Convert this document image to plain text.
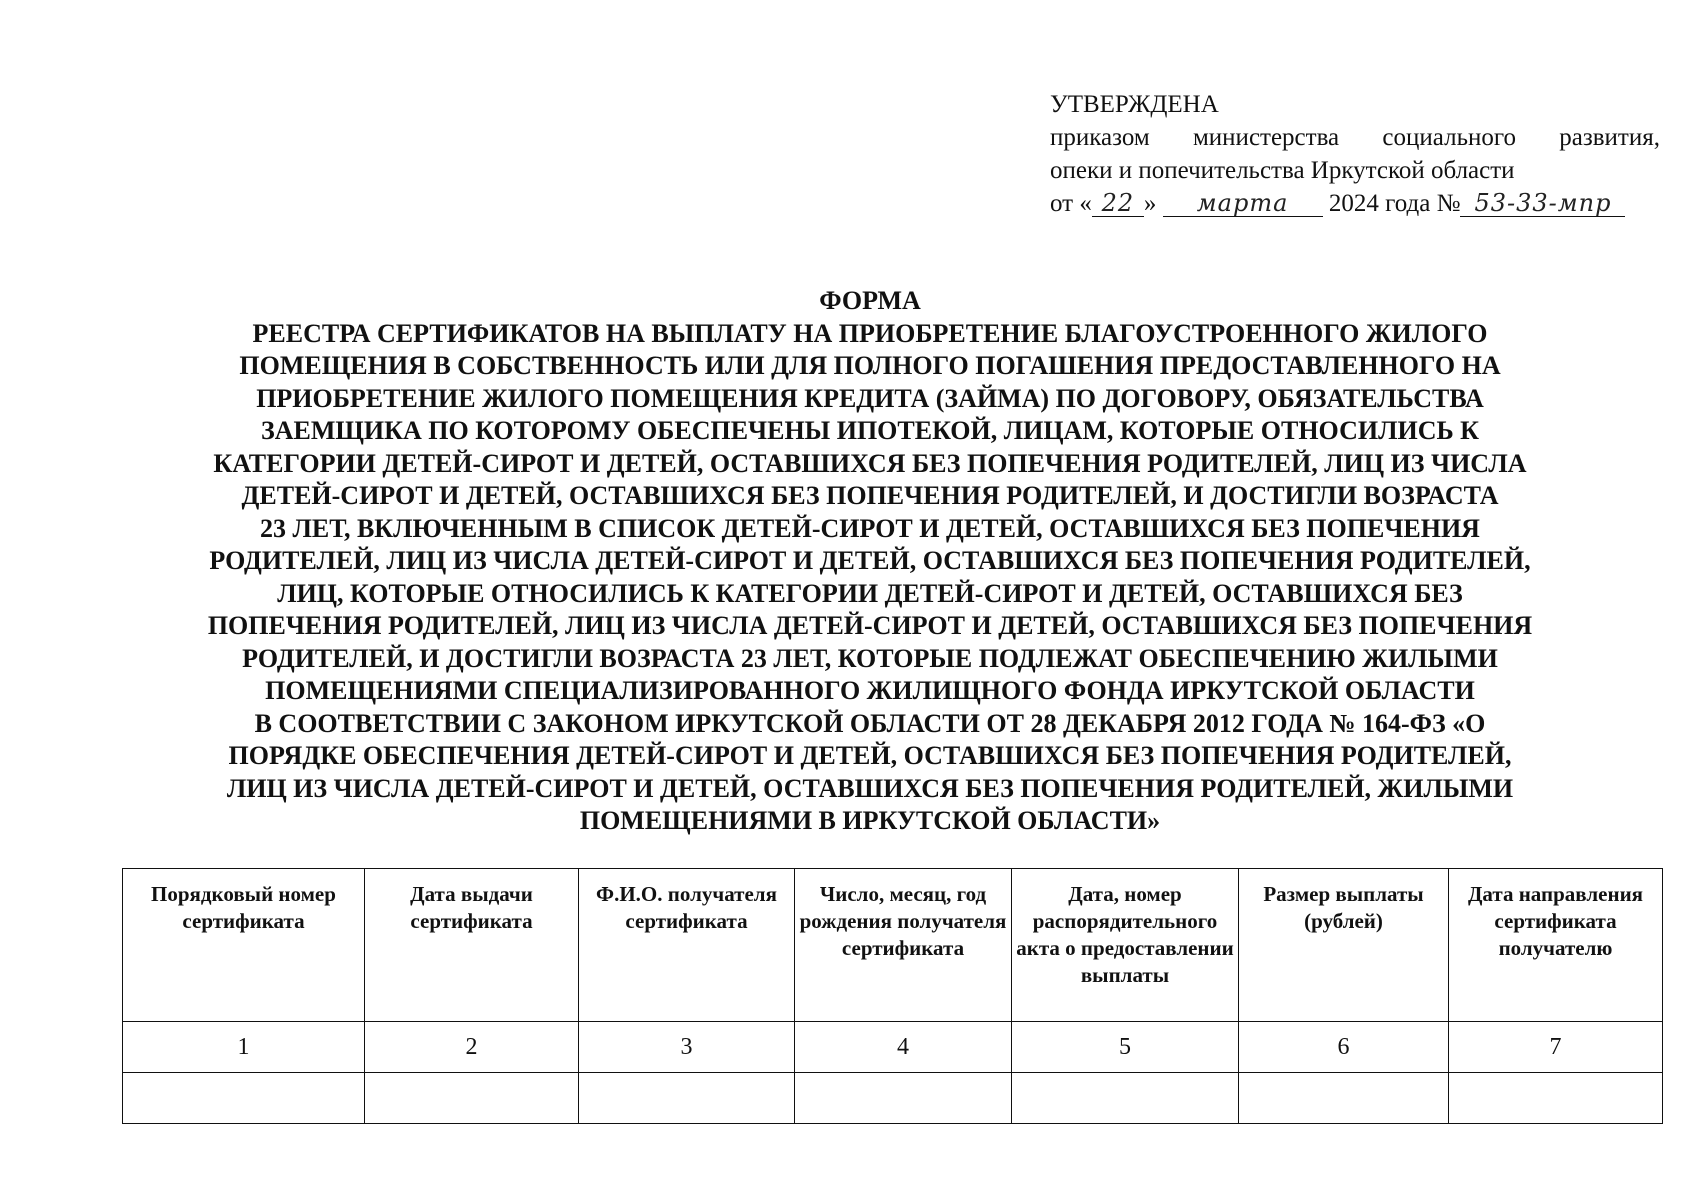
УТВЕРЖДЕНА
приказом министерства социального развития,
опеки и попечительства Иркутской области
от « 22 » марта 2024 года № 53-33-мпр
ФОРМА
РЕЕСТРА СЕРТИФИКАТОВ НА ВЫПЛАТУ НА ПРИОБРЕТЕНИЕ БЛАГОУСТРОЕННОГО ЖИЛОГО
ПОМЕЩЕНИЯ В СОБСТВЕННОСТЬ ИЛИ ДЛЯ ПОЛНОГО ПОГАШЕНИЯ ПРЕДОСТАВЛЕННОГО НА
ПРИОБРЕТЕНИЕ ЖИЛОГО ПОМЕЩЕНИЯ КРЕДИТА (ЗАЙМА) ПО ДОГОВОРУ, ОБЯЗАТЕЛЬСТВА
ЗАЕМЩИКА ПО КОТОРОМУ ОБЕСПЕЧЕНЫ ИПОТЕКОЙ, ЛИЦАМ, КОТОРЫЕ ОТНОСИЛИСЬ К
КАТЕГОРИИ ДЕТЕЙ-СИРОТ И ДЕТЕЙ, ОСТАВШИХСЯ БЕЗ ПОПЕЧЕНИЯ РОДИТЕЛЕЙ, ЛИЦ ИЗ ЧИСЛА
ДЕТЕЙ-СИРОТ И ДЕТЕЙ, ОСТАВШИХСЯ БЕЗ ПОПЕЧЕНИЯ РОДИТЕЛЕЙ, И ДОСТИГЛИ ВОЗРАСТА
23 ЛЕТ, ВКЛЮЧЕННЫМ В СПИСОК ДЕТЕЙ-СИРОТ И ДЕТЕЙ, ОСТАВШИХСЯ БЕЗ ПОПЕЧЕНИЯ
РОДИТЕЛЕЙ, ЛИЦ ИЗ ЧИСЛА ДЕТЕЙ-СИРОТ И ДЕТЕЙ, ОСТАВШИХСЯ БЕЗ ПОПЕЧЕНИЯ РОДИТЕЛЕЙ,
ЛИЦ, КОТОРЫЕ ОТНОСИЛИСЬ К КАТЕГОРИИ ДЕТЕЙ-СИРОТ И ДЕТЕЙ, ОСТАВШИХСЯ БЕЗ
ПОПЕЧЕНИЯ РОДИТЕЛЕЙ, ЛИЦ ИЗ ЧИСЛА ДЕТЕЙ-СИРОТ И ДЕТЕЙ, ОСТАВШИХСЯ БЕЗ ПОПЕЧЕНИЯ
РОДИТЕЛЕЙ, И ДОСТИГЛИ ВОЗРАСТА 23 ЛЕТ, КОТОРЫЕ ПОДЛЕЖАТ ОБЕСПЕЧЕНИЮ ЖИЛЫМИ
ПОМЕЩЕНИЯМИ СПЕЦИАЛИЗИРОВАННОГО ЖИЛИЩНОГО ФОНДА ИРКУТСКОЙ ОБЛАСТИ
В СООТВЕТСТВИИ С ЗАКОНОМ ИРКУТСКОЙ ОБЛАСТИ ОТ 28 ДЕКАБРЯ 2012 ГОДА № 164-ФЗ «О
ПОРЯДКЕ ОБЕСПЕЧЕНИЯ ДЕТЕЙ-СИРОТ И ДЕТЕЙ, ОСТАВШИХСЯ БЕЗ ПОПЕЧЕНИЯ РОДИТЕЛЕЙ,
ЛИЦ ИЗ ЧИСЛА ДЕТЕЙ-СИРОТ И ДЕТЕЙ, ОСТАВШИХСЯ БЕЗ ПОПЕЧЕНИЯ РОДИТЕЛЕЙ, ЖИЛЫМИ
ПОМЕЩЕНИЯМИ В ИРКУТСКОЙ ОБЛАСТИ»
Порядковый номер сертификата	Дата выдачи сертификата	Ф.И.О. получателя сертификата	Число, месяц, год рождения получателя сертификата	Дата, номер распорядительного акта о предоставлении выплаты	Размер выплаты (рублей)	Дата направления сертификата получателю
1	2	3	4	5	6	7
